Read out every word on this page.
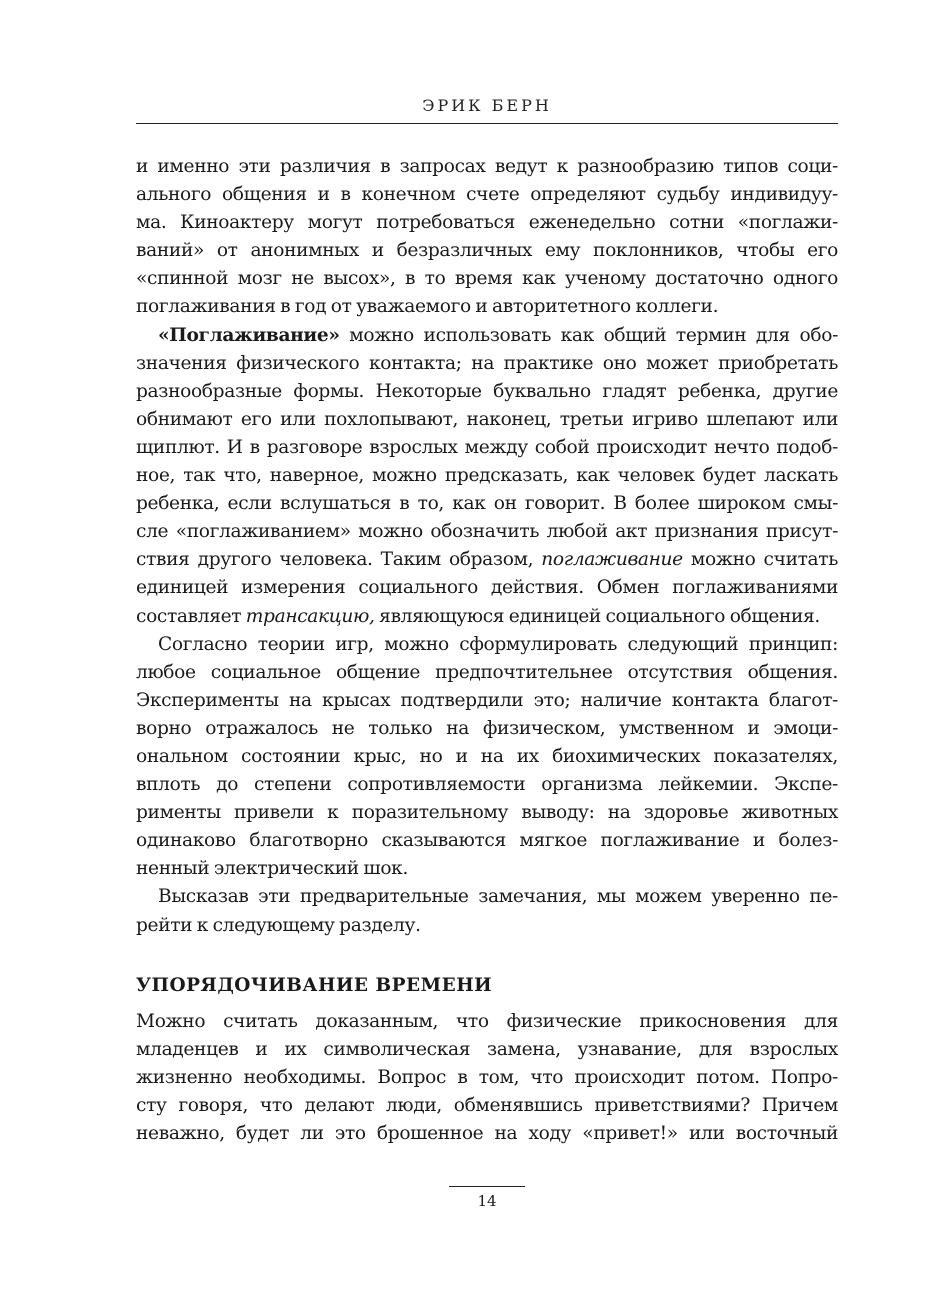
ЭРИК БЕРН
и именно эти различия в запросах ведут к разнообразию типов соци-
ального общения и в конечном счете определяют судьбу индивидуу-
ма. Киноактеру могут потребоваться еженедельно сотни «поглажи-
ваний» от анонимных и безразличных ему поклонников, чтобы его
«спинной мозг не высох», в то время как ученому достаточно одного
поглаживания в год от уважаемого и авторитетного коллеги.
«Поглаживание» можно использовать как общий термин для обо-
значения физического контакта; на практике оно может приобретать
разнообразные формы. Некоторые буквально гладят ребенка, другие
обнимают его или похлопывают, наконец, третьи игриво шлепают или
щиплют. И в разговоре взрослых между собой происходит нечто подоб-
ное, так что, наверное, можно предсказать, как человек будет ласкать
ребенка, если вслушаться в то, как он говорит. В более широком смы-
сле «поглаживанием» можно обозначить любой акт признания присут-
ствия другого человека. Таким образом, поглаживание можно считать
единицей измерения социального действия. Обмен поглаживаниями
составляет трансакцию, являющуюся единицей социального общения.
Согласно теории игр, можно сформулировать следующий принцип:
любое социальное общение предпочтительнее отсутствия общения.
Эксперименты на крысах подтвердили это; наличие контакта благот-
ворно отражалось не только на физическом, умственном и эмоци-
ональном состоянии крыс, но и на их биохимических показателях,
вплоть до степени сопротивляемости организма лейкемии. Экспе-
рименты привели к поразительному выводу: на здоровье животных
одинаково благотворно сказываются мягкое поглаживание и болез-
ненный электрический шок.
Высказав эти предварительные замечания, мы можем уверенно пе-
рейти к следующему разделу.
УПОРЯДОЧИВАНИЕ ВРЕМЕНИ
Можно считать доказанным, что физические прикосновения для
младенцев и их символическая замена, узнавание, для взрослых
жизненно необходимы. Вопрос в том, что происходит потом. Попро-
сту говоря, что делают люди, обменявшись приветствиями? Причем
неважно, будет ли это брошенное на ходу «привет!» или восточный
14
